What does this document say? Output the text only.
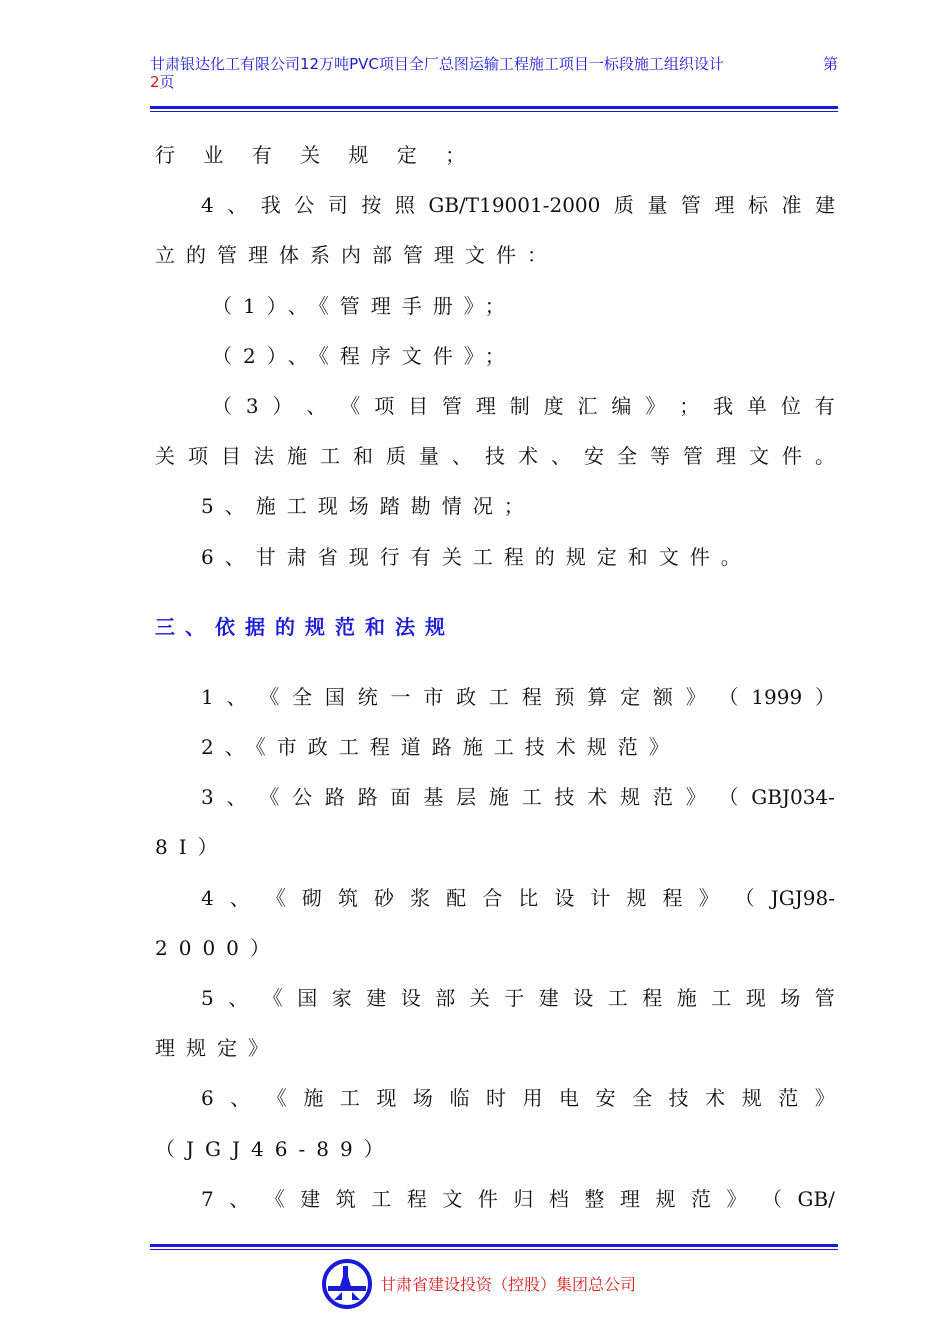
甘肃银达化工有限公司12万吨PVC项目全厂总图运输工程施工项目一标段施工组织设计	第
2页
行 业 有 关 规 定 ；
4 、 我 公 司 按 照 GB/T19001-2000 质 量 管 理 标 准 建
立的管理体系内部管理文件：
（1）、《管理手册》；
（2）、《程序文件》；
（ 3 ） 、 《 项 目 管 理 制 度 汇 编 》 ； 我 单 位 有
关 项 目 法 施 工 和 质 量 、 技 术 、 安 全 等 管 理 文 件 。
5、施工现场踏勘情况；
6、甘肃省现行有关工程的规定和文件。
三、依据的规范和法规
1 、 《 全 国 统 一 市 政 工 程 预 算 定 额 》 （ 1999 ）
2、《市政工程道路施工技术规范》
3 、 《 公 路 路 面 基 层 施 工 技 术 规 范 》 （ GBJ034-
8I）
4 、 《 砌 筑 砂 浆 配 合 比 设 计 规 程 》 （ JGJ98-
2000）
5 、 《 国 家 建 设 部 关 于 建 设 工 程 施 工 现 场 管
理规定》
6 、 《 施 工 现 场 临 时 用 电 安 全 技 术 规 范 》
（JGJ46-89）
7 、 《 建 筑 工 程 文 件 归 档 整 理 规 范 》 （ GB/
甘肃省建设投资（控股）集团总公司
